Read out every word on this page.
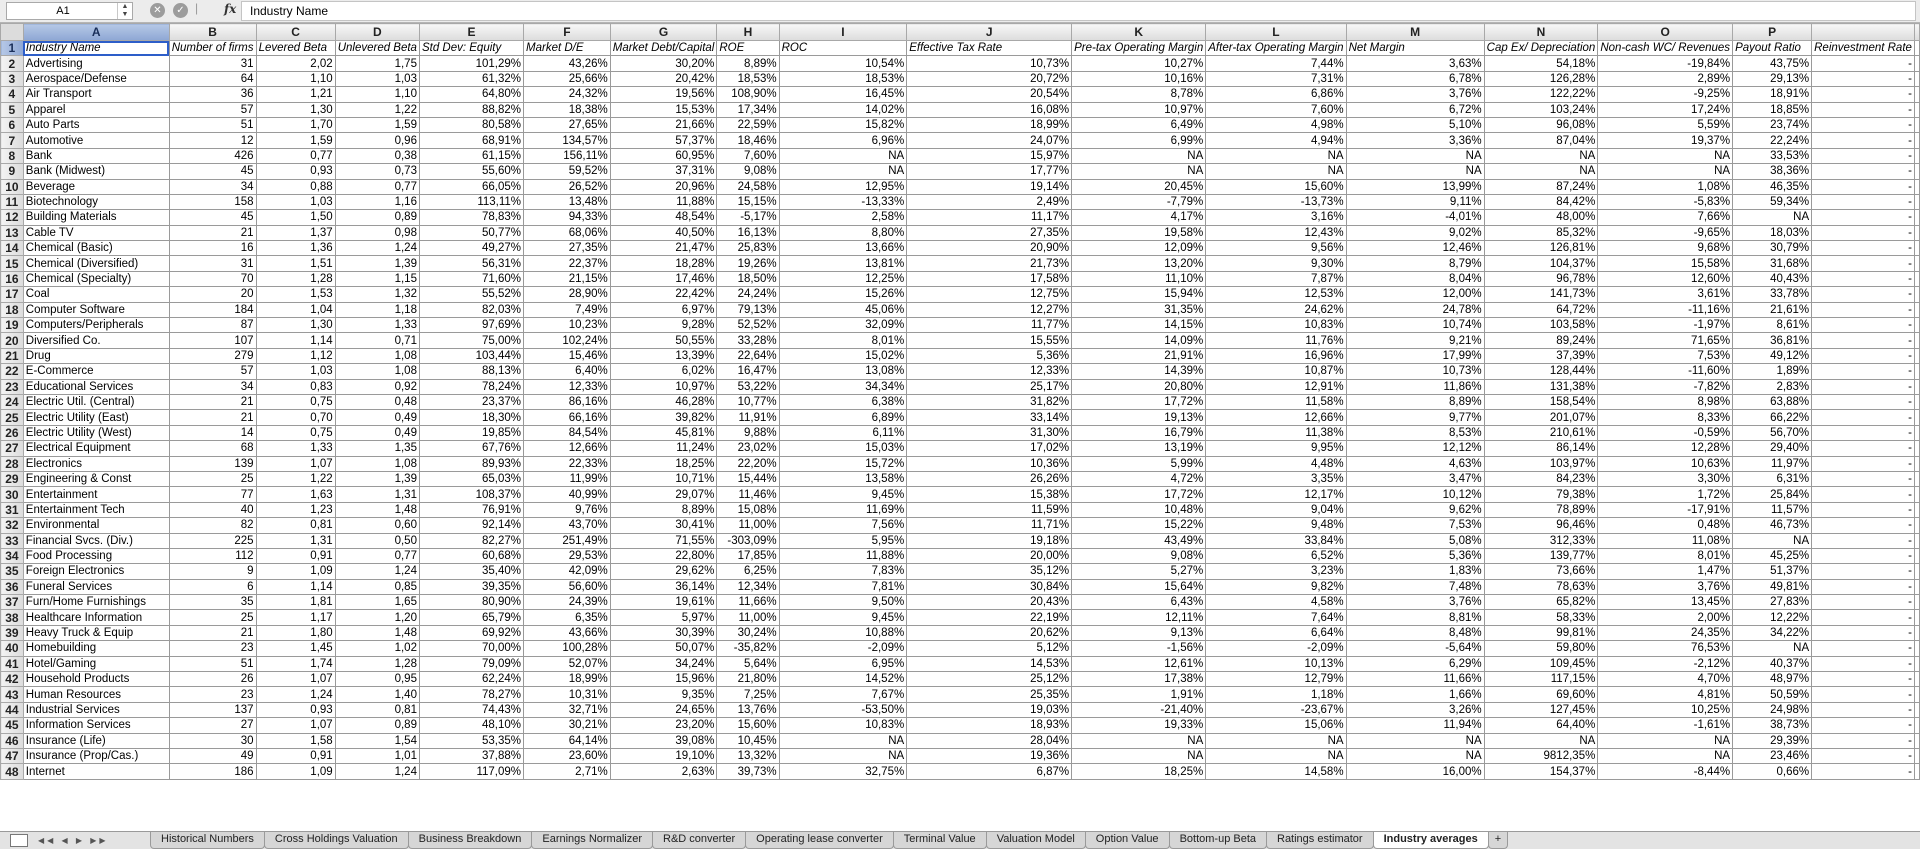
A1	▲
▼	✕	✓ | fx	Industry Name
	A	B	C	D	E	F	G	H	I	J	K	L	M	N	O	P		
1	Industry Name	Number of firms	Levered Beta	Unlevered Beta	Std Dev: Equity	Market D/E	Market Debt/Capital	ROE	ROC	Effective Tax Rate	Pre-tax Operating Margin	After-tax Operating Margin	Net Margin	Cap Ex/ Depreciation	Non-cash WC/ Revenues	Payout Ratio	Reinvestment Rate	
2	Advertising	31	2,02	1,75	101,29%	43,26%	30,20%	8,89%	10,54%	10,73%	10,27%	7,44%	3,63%	54,18%	-19,84%	43,75%	-	
3	Aerospace/Defense	64	1,10	1,03	61,32%	25,66%	20,42%	18,53%	18,53%	20,72%	10,16%	7,31%	6,78%	126,28%	2,89%	29,13%	-	
4	Air Transport	36	1,21	1,10	64,80%	24,32%	19,56%	108,90%	16,45%	20,54%	8,78%	6,86%	3,76%	122,22%	-9,25%	18,91%	-	
5	Apparel	57	1,30	1,22	88,82%	18,38%	15,53%	17,34%	14,02%	16,08%	10,97%	7,60%	6,72%	103,24%	17,24%	18,85%	-	
6	Auto Parts	51	1,70	1,59	80,58%	27,65%	21,66%	22,59%	15,82%	18,99%	6,49%	4,98%	5,10%	96,08%	5,59%	23,74%	-	
7	Automotive	12	1,59	0,96	68,91%	134,57%	57,37%	18,46%	6,96%	24,07%	6,99%	4,94%	3,36%	87,04%	19,37%	22,24%	-	
8	Bank	426	0,77	0,38	61,15%	156,11%	60,95%	7,60%	NA	15,97%	NA	NA	NA	NA	NA	33,53%	-	
9	Bank (Midwest)	45	0,93	0,73	55,60%	59,52%	37,31%	9,08%	NA	17,77%	NA	NA	NA	NA	NA	38,36%	-	
10	Beverage	34	0,88	0,77	66,05%	26,52%	20,96%	24,58%	12,95%	19,14%	20,45%	15,60%	13,99%	87,24%	1,08%	46,35%	-	
11	Biotechnology	158	1,03	1,16	113,11%	13,48%	11,88%	15,15%	-13,33%	2,49%	-7,79%	-13,73%	9,11%	84,42%	-5,83%	59,34%	-	
12	Building Materials	45	1,50	0,89	78,83%	94,33%	48,54%	-5,17%	2,58%	11,17%	4,17%	3,16%	-4,01%	48,00%	7,66%	NA	-	
13	Cable TV	21	1,37	0,98	50,77%	68,06%	40,50%	16,13%	8,80%	27,35%	19,58%	12,43%	9,02%	85,32%	-9,65%	18,03%	-	
14	Chemical (Basic)	16	1,36	1,24	49,27%	27,35%	21,47%	25,83%	13,66%	20,90%	12,09%	9,56%	12,46%	126,81%	9,68%	30,79%	-	
15	Chemical (Diversified)	31	1,51	1,39	56,31%	22,37%	18,28%	19,26%	13,81%	21,73%	13,20%	9,30%	8,79%	104,37%	15,58%	31,68%	-	
16	Chemical (Specialty)	70	1,28	1,15	71,60%	21,15%	17,46%	18,50%	12,25%	17,58%	11,10%	7,87%	8,04%	96,78%	12,60%	40,43%	-	
17	Coal	20	1,53	1,32	55,52%	28,90%	22,42%	24,24%	15,26%	12,75%	15,94%	12,53%	12,00%	141,73%	3,61%	33,78%	-	
18	Computer Software	184	1,04	1,18	82,03%	7,49%	6,97%	79,13%	45,06%	12,27%	31,35%	24,62%	24,78%	64,72%	-11,16%	21,61%	-	
19	Computers/Peripherals	87	1,30	1,33	97,69%	10,23%	9,28%	52,52%	32,09%	11,77%	14,15%	10,83%	10,74%	103,58%	-1,97%	8,61%	-	
20	Diversified Co.	107	1,14	0,71	75,00%	102,24%	50,55%	33,28%	8,01%	15,55%	14,09%	11,76%	9,21%	89,24%	71,65%	36,81%	-	
21	Drug	279	1,12	1,08	103,44%	15,46%	13,39%	22,64%	15,02%	5,36%	21,91%	16,96%	17,99%	37,39%	7,53%	49,12%	-	
22	E-Commerce	57	1,03	1,08	88,13%	6,40%	6,02%	16,47%	13,08%	12,33%	14,39%	10,87%	10,73%	128,44%	-11,60%	1,89%	-	
23	Educational Services	34	0,83	0,92	78,24%	12,33%	10,97%	53,22%	34,34%	25,17%	20,80%	12,91%	11,86%	131,38%	-7,82%	2,83%	-	
24	Electric Util. (Central)	21	0,75	0,48	23,37%	86,16%	46,28%	10,77%	6,38%	31,82%	17,72%	11,58%	8,89%	158,54%	8,98%	63,88%	-	
25	Electric Utility (East)	21	0,70	0,49	18,30%	66,16%	39,82%	11,91%	6,89%	33,14%	19,13%	12,66%	9,77%	201,07%	8,33%	66,22%	-	
26	Electric Utility (West)	14	0,75	0,49	19,85%	84,54%	45,81%	9,88%	6,11%	31,30%	16,79%	11,38%	8,53%	210,61%	-0,59%	56,70%	-	
27	Electrical Equipment	68	1,33	1,35	67,76%	12,66%	11,24%	23,02%	15,03%	17,02%	13,19%	9,95%	12,12%	86,14%	12,28%	29,40%	-	
28	Electronics	139	1,07	1,08	89,93%	22,33%	18,25%	22,20%	15,72%	10,36%	5,99%	4,48%	4,63%	103,97%	10,63%	11,97%	-	
29	Engineering & Const	25	1,22	1,39	65,03%	11,99%	10,71%	15,44%	13,58%	26,26%	4,72%	3,35%	3,47%	84,23%	3,30%	6,31%	-	
30	Entertainment	77	1,63	1,31	108,37%	40,99%	29,07%	11,46%	9,45%	15,38%	17,72%	12,17%	10,12%	79,38%	1,72%	25,84%	-	
31	Entertainment Tech	40	1,23	1,48	76,91%	9,76%	8,89%	15,08%	11,69%	11,59%	10,48%	9,04%	9,62%	78,89%	-17,91%	11,57%	-	
32	Environmental	82	0,81	0,60	92,14%	43,70%	30,41%	11,00%	7,56%	11,71%	15,22%	9,48%	7,53%	96,46%	0,48%	46,73%	-	
33	Financial Svcs. (Div.)	225	1,31	0,50	82,27%	251,49%	71,55%	-303,09%	5,95%	19,18%	43,49%	33,84%	5,08%	312,33%	11,08%	NA	-	
34	Food Processing	112	0,91	0,77	60,68%	29,53%	22,80%	17,85%	11,88%	20,00%	9,08%	6,52%	5,36%	139,77%	8,01%	45,25%	-	
35	Foreign Electronics	9	1,09	1,24	35,40%	42,09%	29,62%	6,25%	7,83%	35,12%	5,27%	3,23%	1,83%	73,66%	1,47%	51,37%	-	
36	Funeral Services	6	1,14	0,85	39,35%	56,60%	36,14%	12,34%	7,81%	30,84%	15,64%	9,82%	7,48%	78,63%	3,76%	49,81%	-	
37	Furn/Home Furnishings	35	1,81	1,65	80,90%	24,39%	19,61%	11,66%	9,50%	20,43%	6,43%	4,58%	3,76%	65,82%	13,45%	27,83%	-	
38	Healthcare Information	25	1,17	1,20	65,79%	6,35%	5,97%	11,00%	9,45%	22,19%	12,11%	7,64%	8,81%	58,33%	2,00%	12,22%	-	
39	Heavy Truck & Equip	21	1,80	1,48	69,92%	43,66%	30,39%	30,24%	10,88%	20,62%	9,13%	6,64%	8,48%	99,81%	24,35%	34,22%	-	
40	Homebuilding	23	1,45	1,02	70,00%	100,28%	50,07%	-35,82%	-2,09%	5,12%	-1,56%	-2,09%	-5,64%	59,80%	76,53%	NA	-	
41	Hotel/Gaming	51	1,74	1,28	79,09%	52,07%	34,24%	5,64%	6,95%	14,53%	12,61%	10,13%	6,29%	109,45%	-2,12%	40,37%	-	
42	Household Products	26	1,07	0,95	62,24%	18,99%	15,96%	21,80%	14,52%	25,12%	17,38%	12,79%	11,66%	117,15%	4,70%	48,97%	-	
43	Human Resources	23	1,24	1,40	78,27%	10,31%	9,35%	7,25%	7,67%	25,35%	1,91%	1,18%	1,66%	69,60%	4,81%	50,59%	-	
44	Industrial Services	137	0,93	0,81	74,43%	32,71%	24,65%	13,76%	-53,50%	19,03%	-21,40%	-23,67%	3,26%	127,45%	10,25%	24,98%	-	
45	Information Services	27	1,07	0,89	48,10%	30,21%	23,20%	15,60%	10,83%	18,93%	19,33%	15,06%	11,94%	64,40%	-1,61%	38,73%	-	
46	Insurance (Life)	30	1,58	1,54	53,35%	64,14%	39,08%	10,45%	NA	28,04%	NA	NA	NA	NA	NA	29,39%	-	
47	Insurance (Prop/Cas.)	49	0,91	1,01	37,88%	23,60%	19,10%	13,32%	NA	19,36%	NA	NA	NA	9812,35%	NA	23,46%	-	
48	Internet	186	1,09	1,24	117,09%	2,71%	2,63%	39,73%	32,75%	6,87%	18,25%	14,58%	16,00%	154,37%	-8,44%	0,66%	-	
◀◀ ◀ ▶ ▶▶	Historical Numbers Cross Holdings Valuation Business Breakdown Earnings Normalizer R&D converter Operating lease converter Terminal Value Valuation Model Option Value Bottom-up Beta Ratings estimator Industry averages +
